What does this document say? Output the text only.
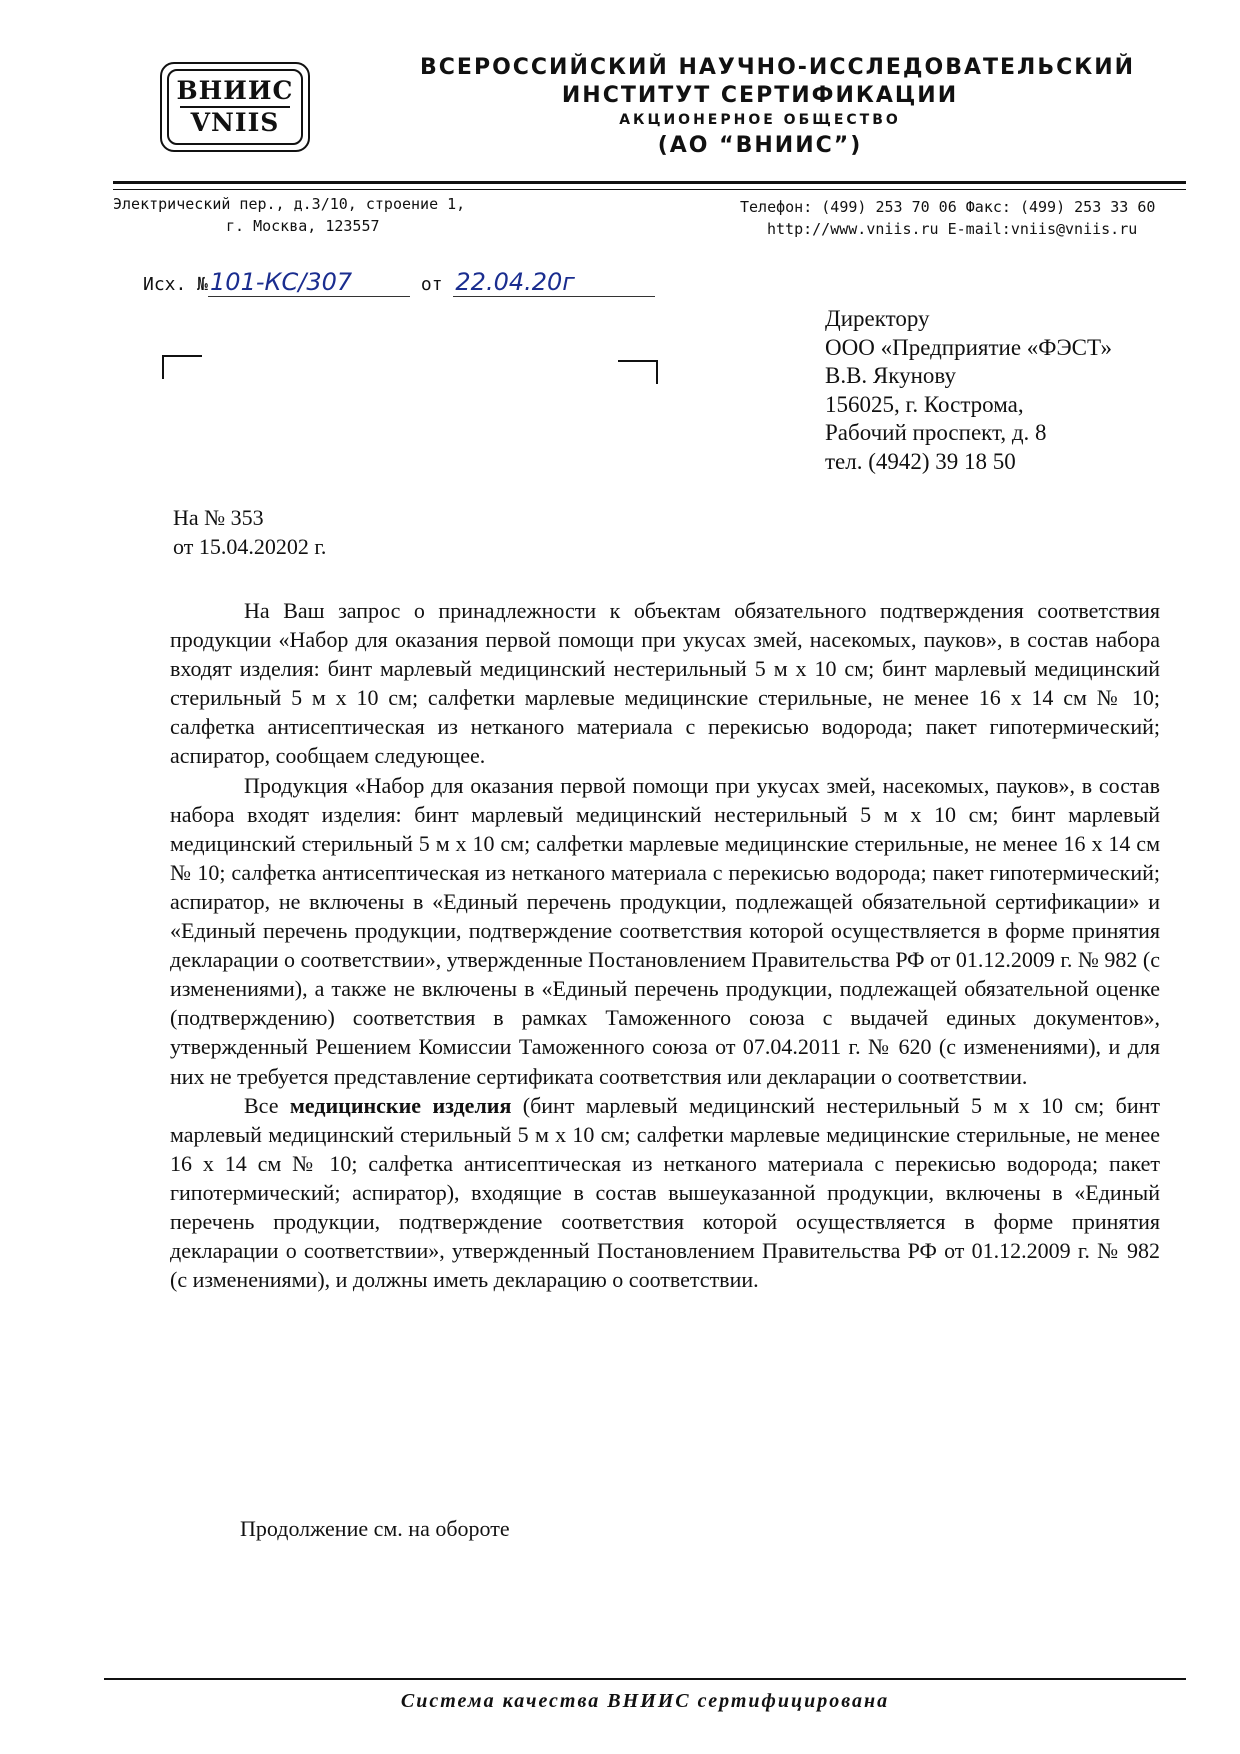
ВНИИС
VNIIS
ВСЕРОССИЙСКИЙ НАУЧНО-ИССЛЕДОВАТЕЛЬСКИЙ
ИНСТИТУТ СЕРТИФИКАЦИИ
АКЦИОНЕРНОЕ ОБЩЕСТВО
(АО “ВНИИС”)
Электрический пер., д.3/10, строение 1,
г. Москва, 123557
Телефон: (499) 253 70 06 Факс: (499) 253 33 60
http://www.vniis.ru E-mail:vniis@vniis.ru
Исх. №101-КС/307	от 22.04.20г
Директору
ООО «Предприятие «ФЭСТ»
В.В. Якунову
156025, г. Кострома,
Рабочий проспект, д. 8
тел. (4942) 39 18 50
На № 353
от 15.04.20202 г.

На Ваш запрос о принадлежности к объектам обязательного подтверждения соответствия продукции «Набор для оказания первой помощи при укусах змей, насекомых, пауков», в состав набора входят изделия: бинт марлевый медицинский нестерильный 5 м х 10 см; бинт марлевый медицинский стерильный 5 м х 10 см; салфетки марлевые медицинские стерильные, не менее 16 х 14 см № 10; салфетка антисептическая из нетканого материала с перекисью водорода; пакет гипотермический; аспиратор, сообщаем следующее.

Продукция «Набор для оказания первой помощи при укусах змей, насекомых, пауков», в состав набора входят изделия: бинт марлевый медицинский нестерильный 5 м х 10 см; бинт марлевый медицинский стерильный 5 м х 10 см; салфетки марлевые медицинские стерильные, не менее 16 х 14 см № 10; салфетка антисептическая из нетканого материала с перекисью водорода; пакет гипотермический; аспиратор, не включены в «Единый перечень продукции, подлежащей обязательной сертификации» и «Единый перечень продукции, подтверждение соответствия которой осуществляется в форме принятия декларации о соответствии», утвержденные Постановлением Правительства РФ от 01.12.2009 г. № 982 (с изменениями), а также не включены в «Единый перечень продукции, подлежащей обязательной оценке (подтверждению) соответствия в рамках Таможенного союза с выдачей единых документов», утвержденный Решением Комиссии Таможенного союза от 07.04.2011 г. № 620 (с изменениями), и для них не требуется представление сертификата соответствия или декларации о соответствии.

Все медицинские изделия (бинт марлевый медицинский нестерильный 5 м х 10 см; бинт марлевый медицинский стерильный 5 м х 10 см; салфетки марлевые медицинские стерильные, не менее 16 х 14 см № 10; салфетка антисептическая из нетканого материала с перекисью водорода; пакет гипотермический; аспиратор), входящие в состав вышеуказанной продукции, включены в «Единый перечень продукции, подтверждение соответствия которой осуществляется в форме принятия декларации о соответствии», утвержденный Постановлением Правительства РФ от 01.12.2009 г. № 982 (с изменениями), и должны иметь декларацию о соответствии.

Продолжение см. на обороте
Система качества ВНИИС сертифицирована
